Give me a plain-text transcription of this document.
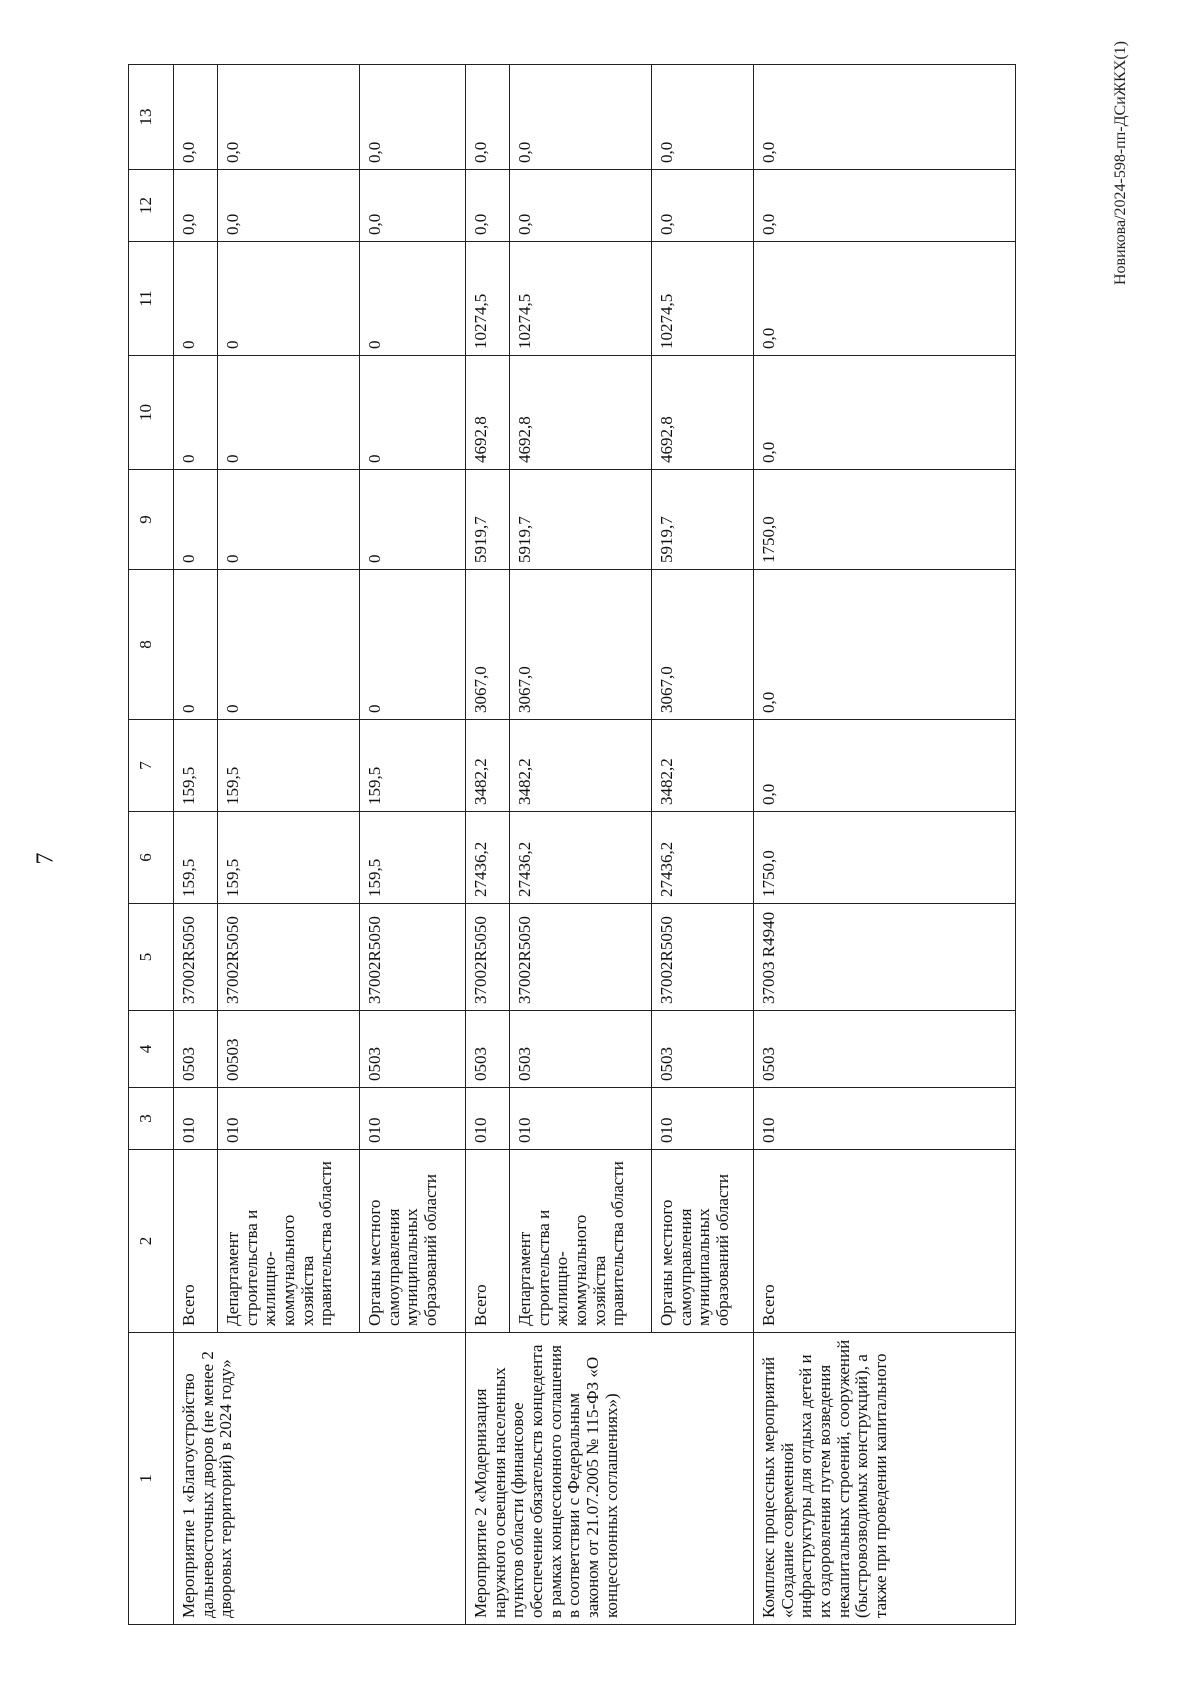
7
Новикова/2024-598-пп-ДСиЖКХ(1)
1	2	3	4	5	6	7	8	9	10	11	12	13
Мероприятие 1 «Благоустройство дальневосточных дворов (не менее 2 дворовых территорий) в 2024 году»	Всего	010	0503	37002R5050	159,5	159,5	0	0	0	0	0,0	0,0
	Департамент строительства и жилищно-коммунального хозяйства правительства области	010	00503	37002R5050	159,5	159,5	0	0	0	0	0,0	0,0
	Органы местного самоуправления муниципальных образований области	010	0503	37002R5050	159,5	159,5	0	0	0	0	0,0	0,0
Мероприятие 2 «Модернизация наружного освещения населенных пунктов области (финансовое обеспечение обязательств концедента в рамках концессионного соглашения в соответствии с Федеральным законом от 21.07.2005 № 115-ФЗ «О концессионных соглашениях»)	Всего	010	0503	37002R5050	27436,2	3482,2	3067,0	5919,7	4692,8	10274,5	0,0	0,0
	Департамент строительства и жилищно-коммунального хозяйства правительства области	010	0503	37002R5050	27436,2	3482,2	3067,0	5919,7	4692,8	10274,5	0,0	0,0
	Органы местного самоуправления муниципальных образований области	010	0503	37002R5050	27436,2	3482,2	3067,0	5919,7	4692,8	10274,5	0,0	0,0
Комплекс процессных мероприятий «Создание современной инфраструктуры для отдыха детей и их оздоровления путем возведения некапитальных строений, сооружений (быстровозводимых конструкций), а также при проведении капитального	Всего	010	0503	37003 R4940	1750,0	0,0	0,0	1750,0	0,0	0,0	0,0	0,0
